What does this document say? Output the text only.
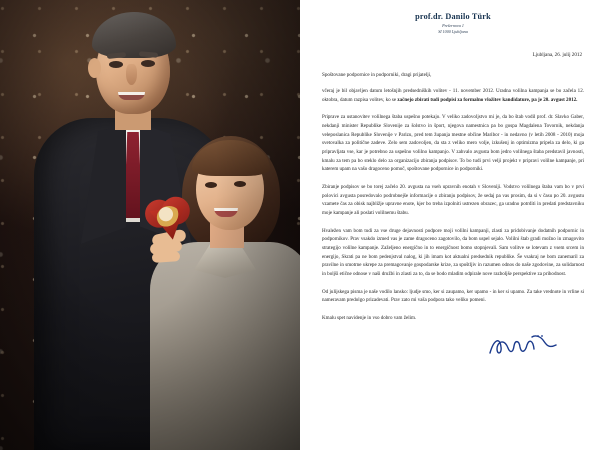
prof.dr. Danilo Türk
Prešernova 1
SI 1000 Ljubljana
Ljubljana, 26. julij 2012
Spoštovane podpornice in podporniki, dragi prijatelji,

včeraj je bil objavljen datum letošnjih predsedniških volitev - 11. november 2012. Uradna volilna kampanja se bo začela 12. oktobra, datum razpisa volitev, ko se začnejo zbirati tudi podpisi za formalno vložitev kandidature, pa je 20. avgust 2012.

Priprave za ustanovitev volilnega štaba uspešno potekajo. V veliko zadovoljstvo mi je, da bo štab vodil prof. dr. Slavko Gaber, nekdanji minister Republike Slovenije za šolstvo in šport, njegova namestnica pa bo gospa Magdalena Tovornik, nekdanja veleposlanica Republike Slovenije v Parizu, pred tem županja mestne občine Maribor - in nedavno (v letih 2008 - 2010) moja svetovalka za politične zadeve. Zelo sem zadovoljen, da sta z veliko mero volje, izkušenj in optimizma pripela za delo, ki ga pripravljata vse, kar je potrebno za uspešno volilno kampanjo. V zahvalo avgusta bom jedro volilnega štaba predstavil javnosti, kmalu za tem pa bo steklo delo za organizacijo zbiranja podpisov. To bo tudi prvi velji projekt v pripravi volilne kampanje, pri katerem upam na vašo dragoceno pomoč, spoštovane podpornice in podporniki.

Zbiranje podpisov se bo torej začelo 20. avgusta na vseh upravnih enotah v Sloveniji. Vodstvo volilnega štaba vam bo v prvi polovici avgusta posredovalo podrobnejše informacije o zbiranju podpisov, že sedaj pa vas prosim, da si v času po 20. avgustu vzamete čas za obisk najbližje upravne enote, kjer bo treba izpolniti ustrezen obrazec, ga uradno potrditi in predati predstavniku moje kampanje ali poslati volilnemu štabu.

Hvaležen vam bom tudi za vse druge dejavnosti podpore moji volilni kampanji, zlasti za pridobivanje dodatnih podpornic in podpornikov. Prav vsakdo izmed vas je zame dragoceno zagotovilo, da bom uspel sejalo. Volilni štab gradi možno in zmagovito strategijo volilne kampanje. Zaželjeno energično in to energičnost bomo stopnjevali. Sam volitve se lotevam z vsem srcem in energijo, Skrati pa ne bom pedenjstval nalog, ki jih imam kot aktualni predsednik republike. Še vsakraj ne bom zanemaril za pravilne in smotrne ukrepe za premagovanje gospodarske krize, za spoštljiv in razumen odnos do naše zgodovine, za solidarnost in boljši etične odnose v naši družbi in zlasti za to, da se bodo mladim odpirale nove razboljše perspektive za prihodnost.

Od julijskega pisma je naše vodilo lansko: ljudje smo, ker si zaupamo, ker upamo - in ker si upamo. Za take vrednote in vrline si nameravam predolgo prizadevati. Prav zato mi vaša podpora tako veliko pomeni.

Kmalu spet navidenje in vso dobro vam želim.
